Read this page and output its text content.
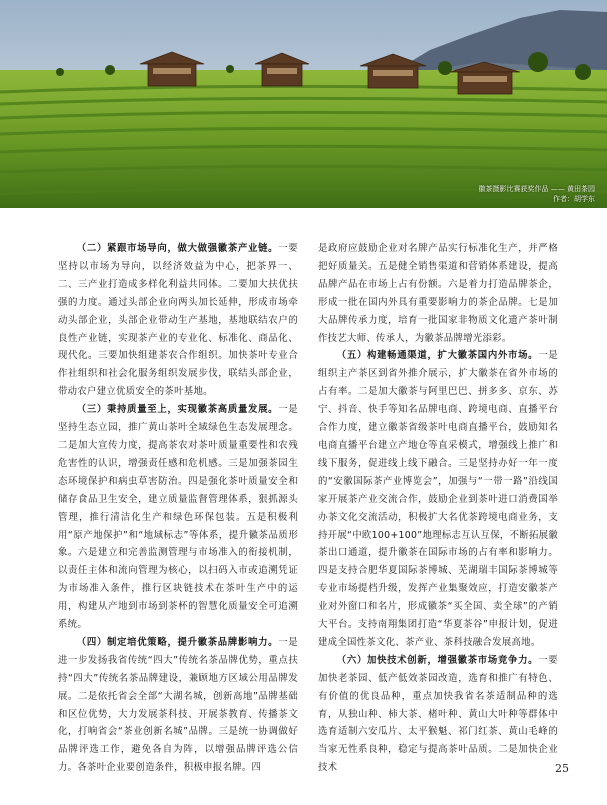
徽茶摄影比赛获奖作品 —— 黄田茶园
作者：胡学东

（二）紧跟市场导向，做大做强徽茶产业链。一要坚持以市场为导向，以经济效益为中心，把茶界一、二、三产业打造成多样化利益共同体。二要加大扶优扶强的力度。通过头部企业向两头加长延伸，形成市场牵动头部企业，头部企业带动生产基地，基地联结农户的良性产业链，实现茶产业的专业化、标准化、商品化、现代化。三要加快组建茶农合作组织。加快茶叶专业合作社组织和社会化服务组织发展步伐，联结头部企业，带动农户建立优质安全的茶叶基地。

（三）秉持质量至上，实现徽茶高质量发展。一是坚持生态立园，推广黄山茶叶全域绿色生态发展理念。二是加大宣传力度，提高茶农对茶叶质量重要性和农残危害性的认识，增强责任感和危机感。三是加强茶园生态环境保护和病虫草害防治。四是强化茶叶质量安全和储存食品卫生安全，建立质量监督管理体系，狠抓源头管理，推行清洁化生产和绿色环保包装。五是积极利用“原产地保护”和“地域标志”等体系，提升徽茶品质形象。六是建立和完善监测管理与市场准入的衔接机制，以责任主体和流向管理为核心，以扫码入市或追溯凭证为市场准入条件，推行区块链技术在茶叶生产中的运用，构建从产地到市场到茶杯的智慧化质量安全可追溯系统。

（四）制定培优策略，提升徽茶品牌影响力。一是进一步发扬我省传统“四大”传统名茶品牌优势，重点扶持“四大”传统名茶品牌建设，兼顾地方区域公用品牌发展。二是依托省会全部“大湖名城，创新高地”品牌基础和区位优势，大力发展茶科技、开展茶教育、传播茶文化，打响省会“茶业创新名城”品牌。三是统一协调做好品牌评选工作，避免各自为阵，以增强品牌评选公信力。各茶叶企业要创造条件，积极申报名牌。四

是政府应鼓励企业对名牌产品实行标准化生产，并严格把好质量关。五是健全销售渠道和营销体系建设，提高品牌产品在市场上占有份额。六是着力打造品牌茶企，形成一批在国内外具有重要影响力的茶企品牌。七是加大品牌传承力度，培育一批国家非物质文化遗产茶叶制作技艺大师、传承人，为徽茶品牌增光添彩。

（五）构建畅通渠道，扩大徽茶国内外市场。一是组织主产茶区到省外推介展示，扩大徽茶在省外市场的占有率。二是加大徽茶与阿里巴巴、拼多多、京东、苏宁、抖音、快手等知名品牌电商、跨境电商、直播平台合作力度，建立徽茶省级茶叶电商直播平台，鼓励知名电商直播平台建立产地仓等直采模式，增强线上推广和线下服务，促进线上线下融合。三是坚持办好一年一度的“安徽国际茶产业博览会”，加强与“一带一路”沿线国家开展茶产业交流合作，鼓励企业到茶叶进口消费国举办茶文化交流活动，积极扩大名优茶跨境电商业务，支持开展“中欧100+100”地理标志互认互保，不断拓展徽茶出口通道，提升徽茶在国际市场的占有率和影响力。四是支持合肥华夏国际茶博城、芜湖瑞丰国际茶博城等专业市场提档升级，发挥产业集聚效应，打造安徽茶产业对外窗口和名片，形成徽茶“买全国、卖全球”的产销大平台。支持南翔集团打造“华夏茶谷”申报计划，促进建成全国性茶文化、茶产业、茶科技融合发展高地。

（六）加快技术创新，增强徽茶市场竞争力。一要加快老茶园、低产低效茶园改造，选育和推广有特色、有价值的优良品种，重点加快我省名茶适制品种的选育，从独山种、柿大茶、楮叶种、黄山大叶种等群体中选育适制六安瓜片、太平猴魁、祁门红茶、黄山毛峰的当家无性系良种，稳定与提高茶叶品质。二是加快企业技术	25
